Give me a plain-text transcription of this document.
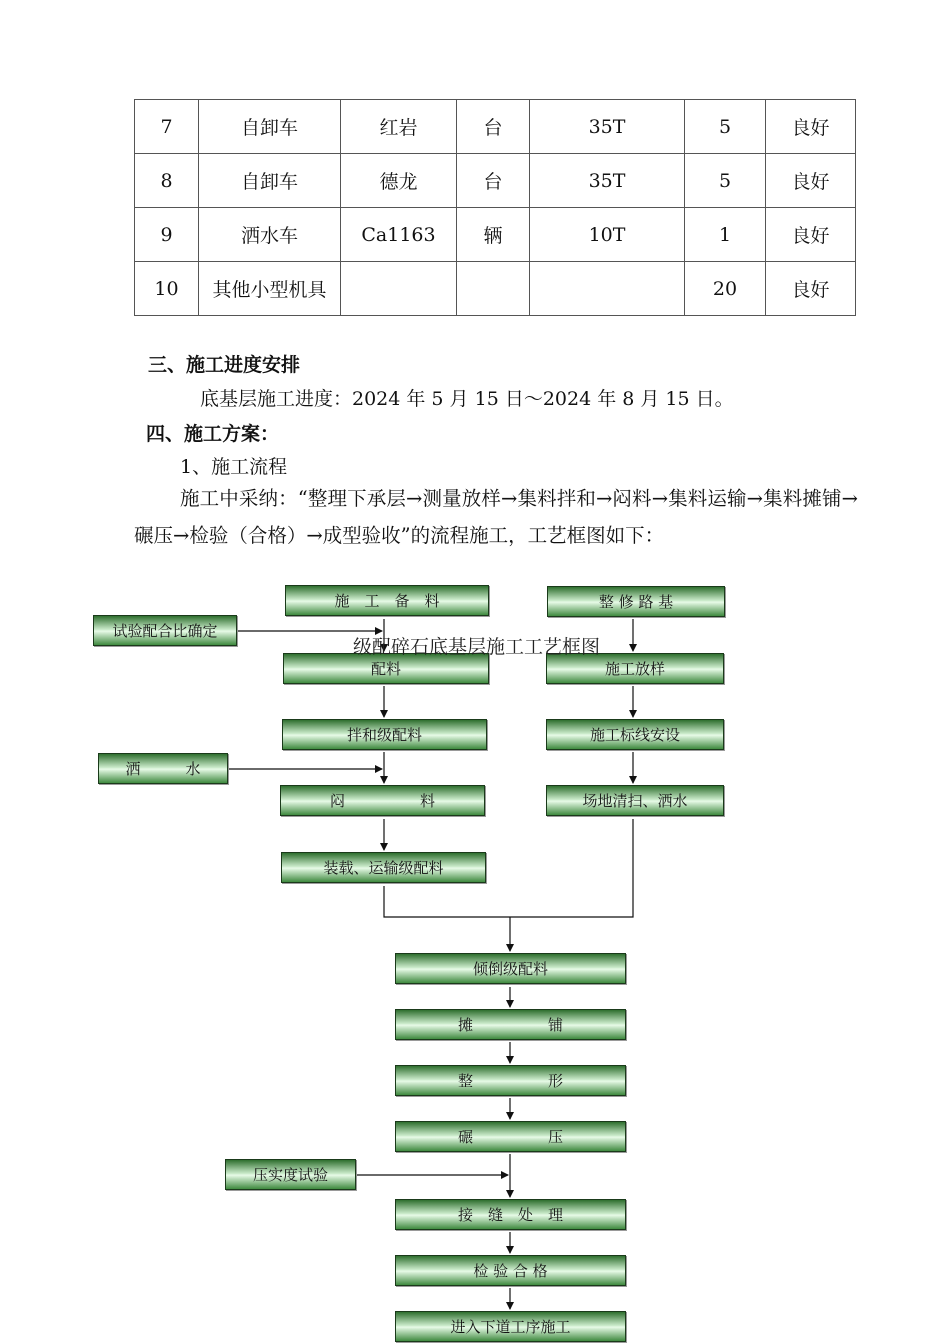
7	自卸车	红岩	台	35T	5	良好
8	自卸车	德龙	台	35T	5	良好
9	洒水车	Ca1163	辆	10T	1	良好
10	其他小型机具				20	良好
三、施工进度安排
底基层施工进度：2024 年 5 月 15 日～2024 年 8 月 15 日。
四、施工方案：
1、施工流程
施工中采纳：“整理下承层→测量放样→集料拌和→闷料→集料运输→集料摊铺→碾压→检验（合格）→成型验收”的流程施工，工艺框图如下：
施　工　备　料
配料
拌和级配料
闷　　　　　料
装载、运输级配料
整 修 路 基
施工放样
施工标线安设
场地清扫、洒水
试验配合比确定
洒　　　水
压实度试验
倾倒级配料
摊　　　　　铺
整　　　　　形
碾　　　　　压
接　缝　处　理
检 验 合 格
进入下道工序施工
级配碎石底基层施工工艺框图
